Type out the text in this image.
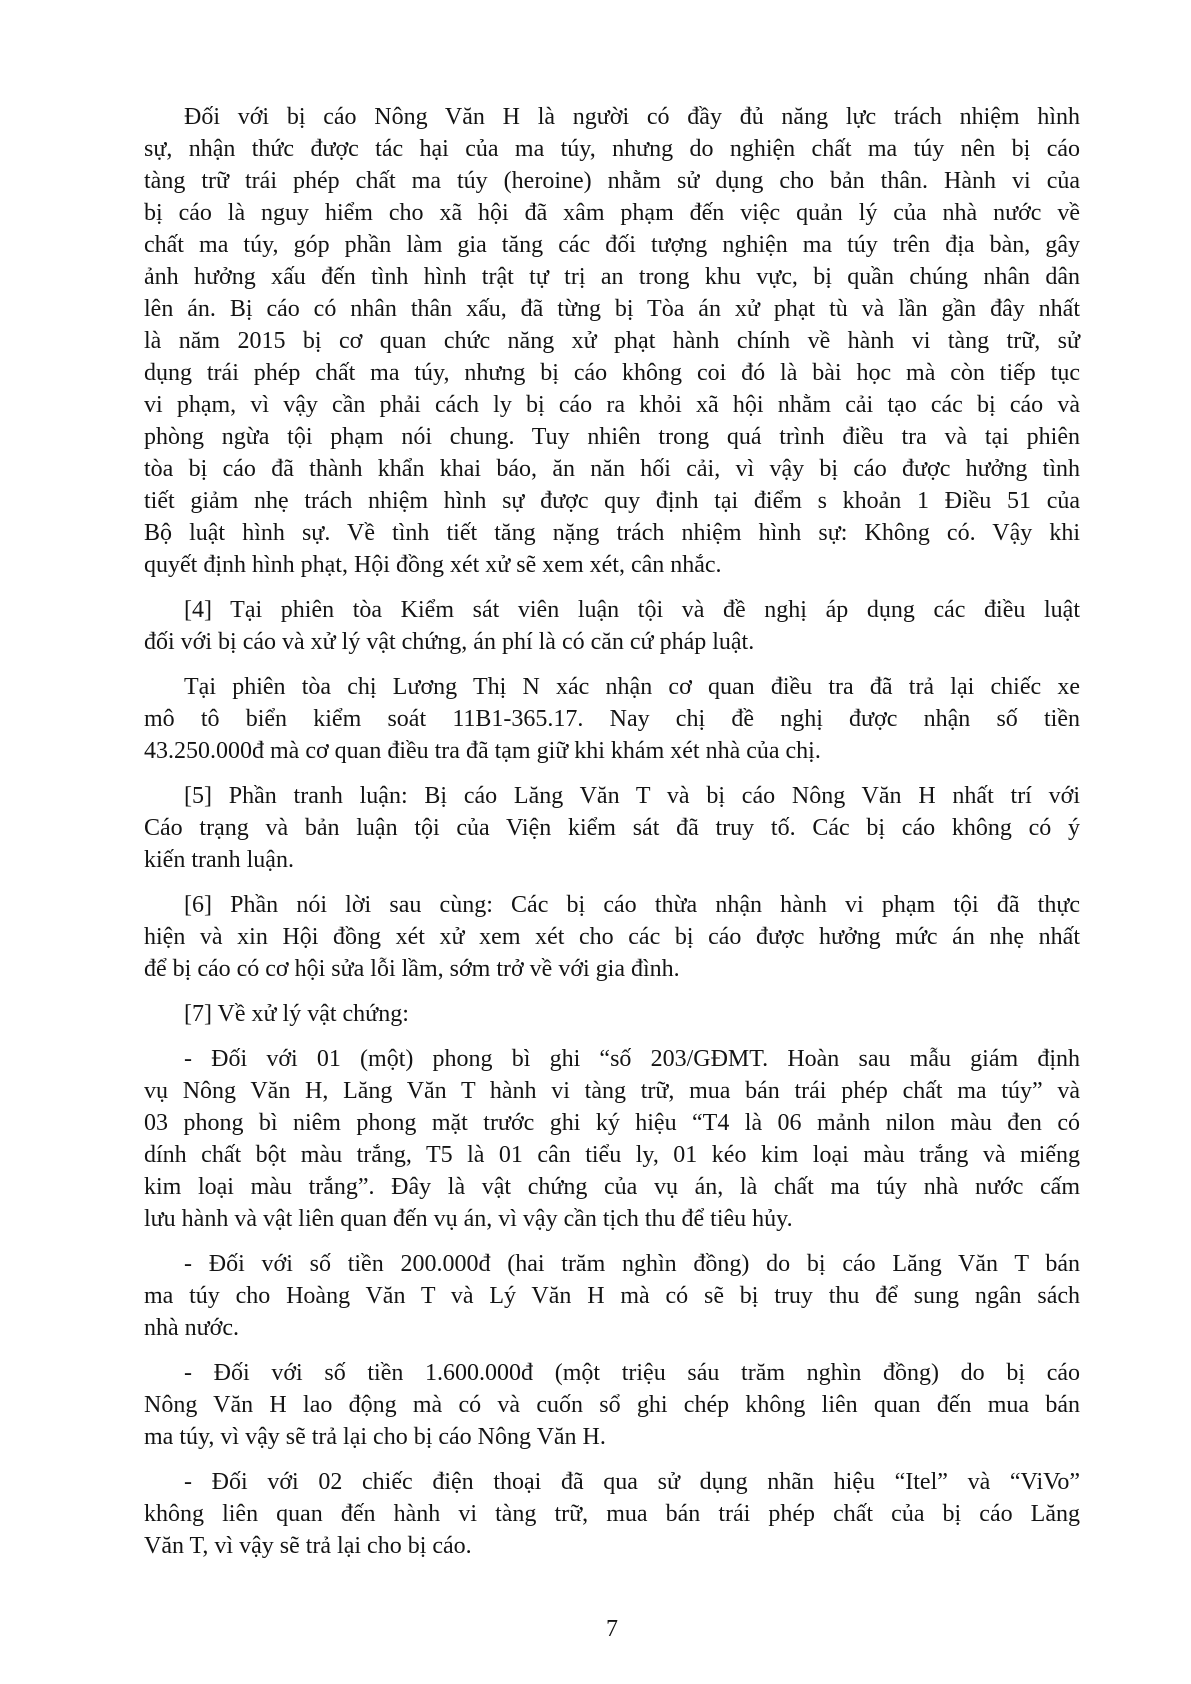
Đối với bị cáo Nông Văn H là người có đầy đủ năng lực trách nhiệm hình
sự, nhận thức được tác hại của ma túy, nhưng do nghiện chất ma túy nên bị cáo
tàng trữ trái phép chất ma túy (heroine) nhằm sử dụng cho bản thân. Hành vi của
bị cáo là nguy hiểm cho xã hội đã xâm phạm đến việc quản lý của nhà nước về
chất ma túy, góp phần làm gia tăng các đối tượng nghiện ma túy trên địa bàn, gây
ảnh hưởng xấu đến tình hình trật tự trị an trong khu vực, bị quần chúng nhân dân
lên án. Bị cáo có nhân thân xấu, đã từng bị Tòa án xử phạt tù và lần gần đây nhất
là năm 2015 bị cơ quan chức năng xử phạt hành chính về hành vi tàng trữ, sử
dụng trái phép chất ma túy, nhưng bị cáo không coi đó là bài học mà còn tiếp tục
vi phạm, vì vậy cần phải cách ly bị cáo ra khỏi xã hội nhằm cải tạo các bị cáo và
phòng ngừa tội phạm nói chung. Tuy nhiên trong quá trình điều tra và tại phiên
tòa bị cáo đã thành khẩn khai báo, ăn năn hối cải, vì vậy bị cáo được hưởng tình
tiết giảm nhẹ trách nhiệm hình sự được quy định tại điểm s khoản 1 Điều 51 của
Bộ luật hình sự. Về tình tiết tăng nặng trách nhiệm hình sự: Không có. Vậy khi
quyết định hình phạt, Hội đồng xét xử sẽ xem xét, cân nhắc.

[4] Tại phiên tòa Kiểm sát viên luận tội và đề nghị áp dụng các điều luật
đối với bị cáo và xử lý vật chứng, án phí là có căn cứ pháp luật.

Tại phiên tòa chị Lương Thị N xác nhận cơ quan điều tra đã trả lại chiếc xe
mô tô biển kiểm soát 11B1-365.17. Nay chị đề nghị được nhận số tiền
43.250.000đ mà cơ quan điều tra đã tạm giữ khi khám xét nhà của chị.

[5] Phần tranh luận: Bị cáo Lăng Văn T và bị cáo Nông Văn H nhất trí với
Cáo trạng và bản luận tội của Viện kiểm sát đã truy tố. Các bị cáo không có ý
kiến tranh luận.

[6] Phần nói lời sau cùng: Các bị cáo thừa nhận hành vi phạm tội đã thực
hiện và xin Hội đồng xét xử xem xét cho các bị cáo được hưởng mức án nhẹ nhất
để bị cáo có cơ hội sửa lỗi lầm, sớm trở về với gia đình.

[7] Về xử lý vật chứng:

- Đối với 01 (một) phong bì ghi “số 203/GĐMT. Hoàn sau mẫu giám định
vụ Nông Văn H, Lăng Văn T hành vi tàng trữ, mua bán trái phép chất ma túy” và
03 phong bì niêm phong mặt trước ghi ký hiệu “T4 là 06 mảnh nilon màu đen có
dính chất bột màu trắng, T5 là 01 cân tiểu ly, 01 kéo kim loại màu trắng và miếng
kim loại màu trắng”. Đây là vật chứng của vụ án, là chất ma túy nhà nước cấm
lưu hành và vật liên quan đến vụ án, vì vậy cần tịch thu để tiêu hủy.

- Đối với số tiền 200.000đ (hai trăm nghìn đồng) do bị cáo Lăng Văn T bán
ma túy cho Hoàng Văn T và Lý Văn H mà có sẽ bị truy thu để sung ngân sách
nhà nước.

- Đối với số tiền 1.600.000đ (một triệu sáu trăm nghìn đồng) do bị cáo
Nông Văn H lao động mà có và cuốn sổ ghi chép không liên quan đến mua bán
ma túy, vì vậy sẽ trả lại cho bị cáo Nông Văn H.

- Đối với 02 chiếc điện thoại đã qua sử dụng nhãn hiệu “Itel” và “ViVo”
không liên quan đến hành vi tàng trữ, mua bán trái phép chất của bị cáo Lăng
Văn T, vì vậy sẽ trả lại cho bị cáo.

7
